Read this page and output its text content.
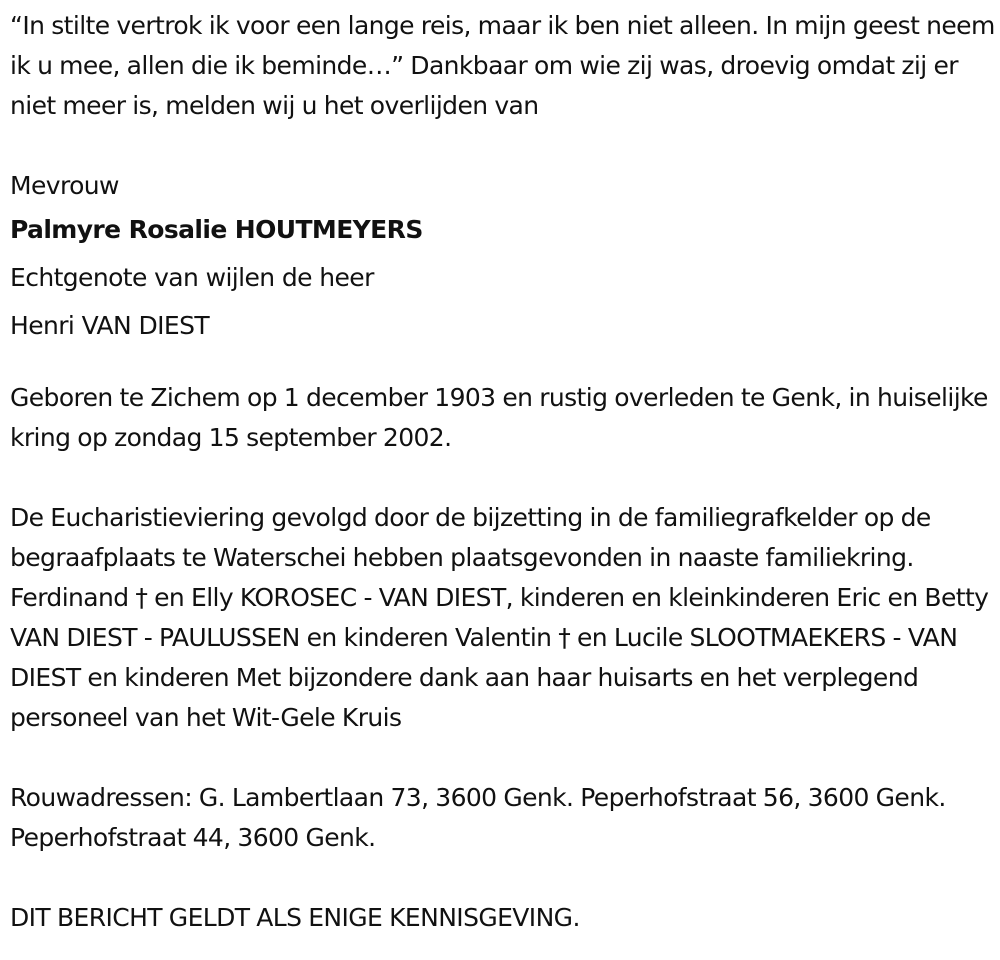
“In stilte vertrok ik voor een lange reis, maar ik ben niet alleen. In mijn geest neem ik u mee, allen die ik beminde…” Dankbaar om wie zij was, droevig omdat zij er niet meer is, melden wij u het overlijden van

Mevrouw

Palmyre Rosalie HOUTMEYERS

Echtgenote van wijlen de heer

Henri VAN DIEST

Geboren te Zichem op 1 december 1903 en rustig overleden te Genk, in huiselijke kring op zondag 15 september 2002.

De Eucharistieviering gevolgd door de bijzetting in de familiegrafkelder op de begraafplaats te Waterschei hebben plaatsgevonden in naaste familiekring. Ferdinand † en Elly KOROSEC - VAN DIEST, kinderen en kleinkinderen Eric en Betty VAN DIEST - PAULUSSEN en kinderen Valentin † en Lucile SLOOTMAEKERS - VAN DIEST en kinderen Met bijzondere dank aan haar huisarts en het verplegend personeel van het Wit-Gele Kruis

Rouwadressen: G. Lambertlaan 73, 3600 Genk. Peperhofstraat 56, 3600 Genk. Peperhofstraat 44, 3600 Genk.

DIT BERICHT GELDT ALS ENIGE KENNISGEVING.
